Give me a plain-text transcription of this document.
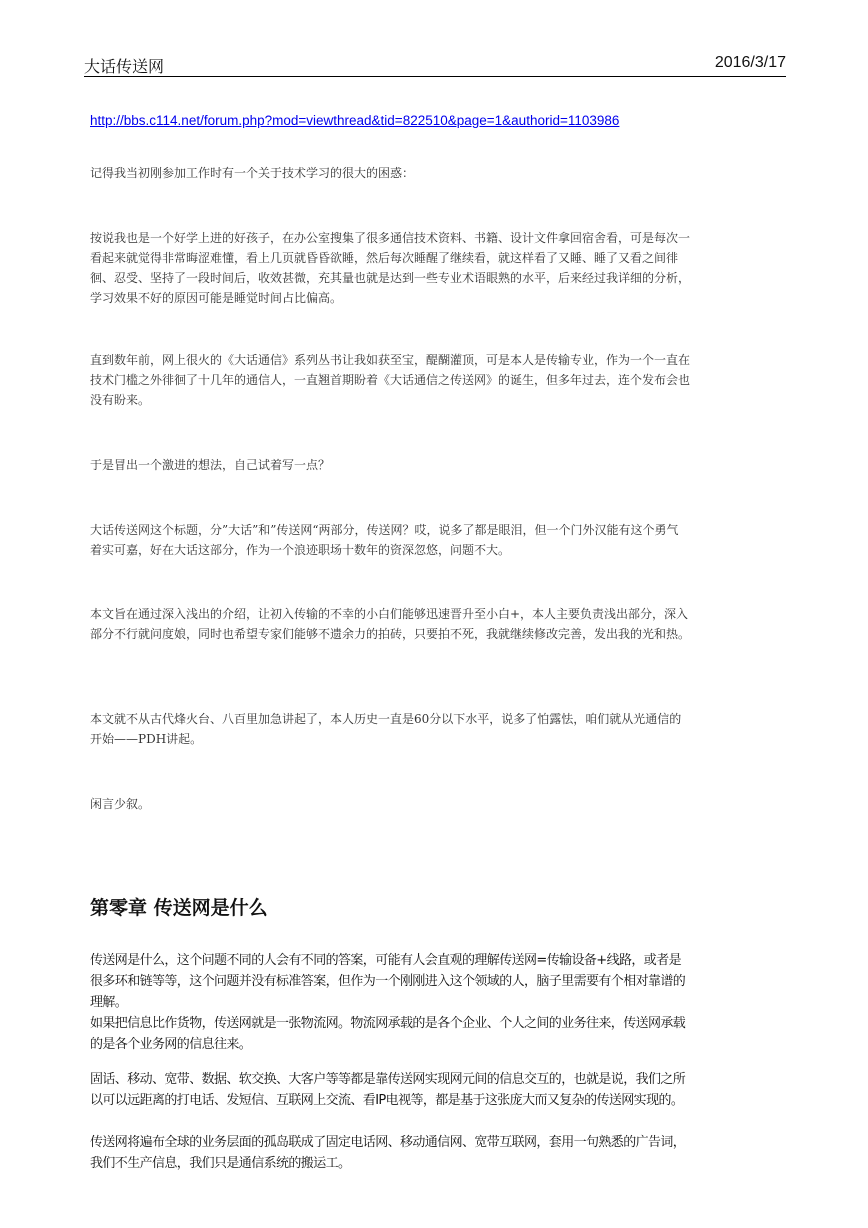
大话传送网	2016/3/17
http://bbs.c114.net/forum.php?mod=viewthread&tid=822510&page=1&authorid=1103986

记得我当初刚参加工作时有一个关于技术学习的很大的困惑：

按说我也是一个好学上进的好孩子，在办公室搜集了很多通信技术资料、书籍、设计文件拿回宿舍看，可是每次一看起来就觉得非常晦涩难懂，看上几页就昏昏欲睡，然后每次睡醒了继续看，就这样看了又睡、睡了又看之间徘徊、忍受、坚持了一段时间后，收效甚微，充其量也就是达到一些专业术语眼熟的水平，后来经过我详细的分析，学习效果不好的原因可能是睡觉时间占比偏高。

直到数年前，网上很火的《大话通信》系列丛书让我如获至宝，醍醐灌顶，可是本人是传输专业，作为一个一直在技术门槛之外徘徊了十几年的通信人，一直翘首期盼着《大话通信之传送网》的诞生，但多年过去，连个发布会也没有盼来。

于是冒出一个激进的想法，自己试着写一点？

大话传送网这个标题，分”大话”和”传送网“两部分，传送网？哎，说多了都是眼泪，但一个门外汉能有这个勇气着实可嘉，好在大话这部分，作为一个浪迹职场十数年的资深忽悠，问题不大。

本文旨在通过深入浅出的介绍，让初入传输的不幸的小白们能够迅速晋升至小白+，本人主要负责浅出部分，深入部分不行就问度娘，同时也希望专家们能够不遗余力的拍砖，只要拍不死，我就继续修改完善，发出我的光和热。

本文就不从古代烽火台、八百里加急讲起了，本人历史一直是60分以下水平，说多了怕露怯，咱们就从光通信的开始——PDH讲起。

闲言少叙。

第零章 传送网是什么

传送网是什么，这个问题不同的人会有不同的答案，可能有人会直观的理解传送网=传输设备+线路，或者是很多环和链等等，这个问题并没有标准答案，但作为一个刚刚进入这个领域的人，脑子里需要有个相对靠谱的理解。

如果把信息比作货物，传送网就是一张物流网。物流网承载的是各个企业、个人之间的业务往来，传送网承载的是各个业务网的信息往来。

固话、移动、宽带、数据、软交换、大客户等等都是靠传送网实现网元间的信息交互的，也就是说，我们之所以可以远距离的打电话、发短信、互联网上交流、看IP电视等，都是基于这张庞大而又复杂的传送网实现的。

传送网将遍布全球的业务层面的孤岛联成了固定电话网、移动通信网、宽带互联网，套用一句熟悉的广告词，我们不生产信息，我们只是通信系统的搬运工。
